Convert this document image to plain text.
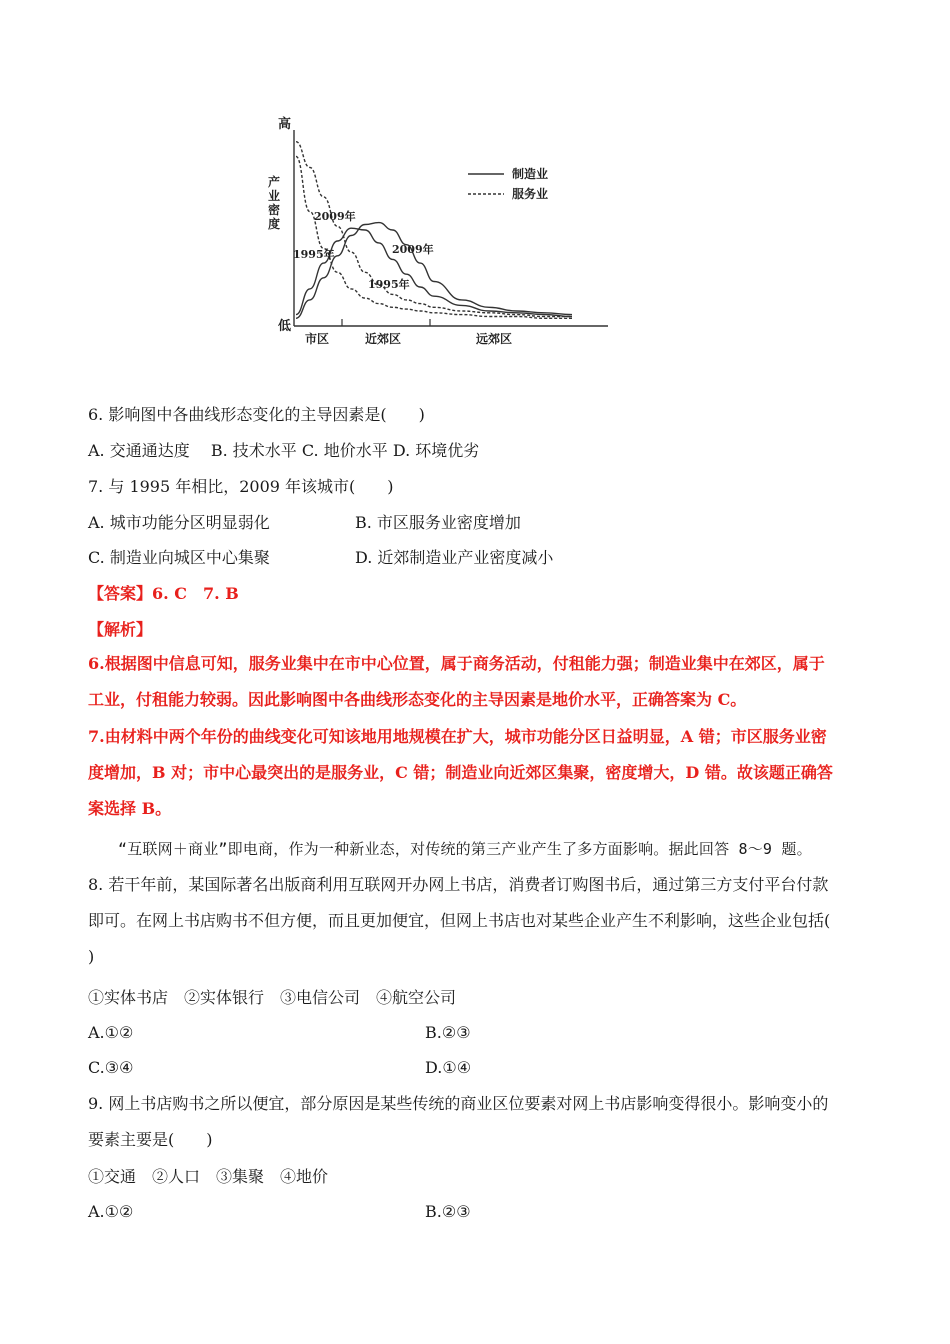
高
低
产
业
密
度
市区	近郊区	远郊区
2009年
1995年	2009年
1995年
制造业
服务业
6. 影响图中各曲线形态变化的主导因素是(　　)
A. 交通通达度　 B. 技术水平 C. 地价水平 D. 环境优劣
7. 与 1995 年相比，2009 年该城市(　　)
A. 城市功能分区明显弱化	B. 市区服务业密度增加
C. 制造业向城区中心集聚	D. 近郊制造业产业密度减小
【答案】6. C　7. B
【解析】
6.根据图中信息可知，服务业集中在市中心位置，属于商务活动，付租能力强；制造业集中在郊区，属于
工业，付租能力较弱。因此影响图中各曲线形态变化的主导因素是地价水平，正确答案为 C。
7.由材料中两个年份的曲线变化可知该地用地规模在扩大，城市功能分区日益明显，A 错；市区服务业密
度增加，B 对；市中心最突出的是服务业，C 错；制造业向近郊区集聚，密度增大，D 错。故该题正确答
案选择 B。
“互联网＋商业”即电商，作为一种新业态，对传统的第三产业产生了多方面影响。据此回答 8～9 题。
8. 若干年前，某国际著名出版商利用互联网开办网上书店，消费者订购图书后，通过第三方支付平台付款
即可。在网上书店购书不但方便，而且更加便宜，但网上书店也对某些企业产生不利影响，这些企业包括(
)
①实体书店　②实体银行　③电信公司　④航空公司
A.①②	B.②③
C.③④	D.①④
9. 网上书店购书之所以便宜，部分原因是某些传统的商业区位要素对网上书店影响变得很小。影响变小的
要素主要是(　　)
①交通　②人口　③集聚　④地价
A.①②	B.②③
